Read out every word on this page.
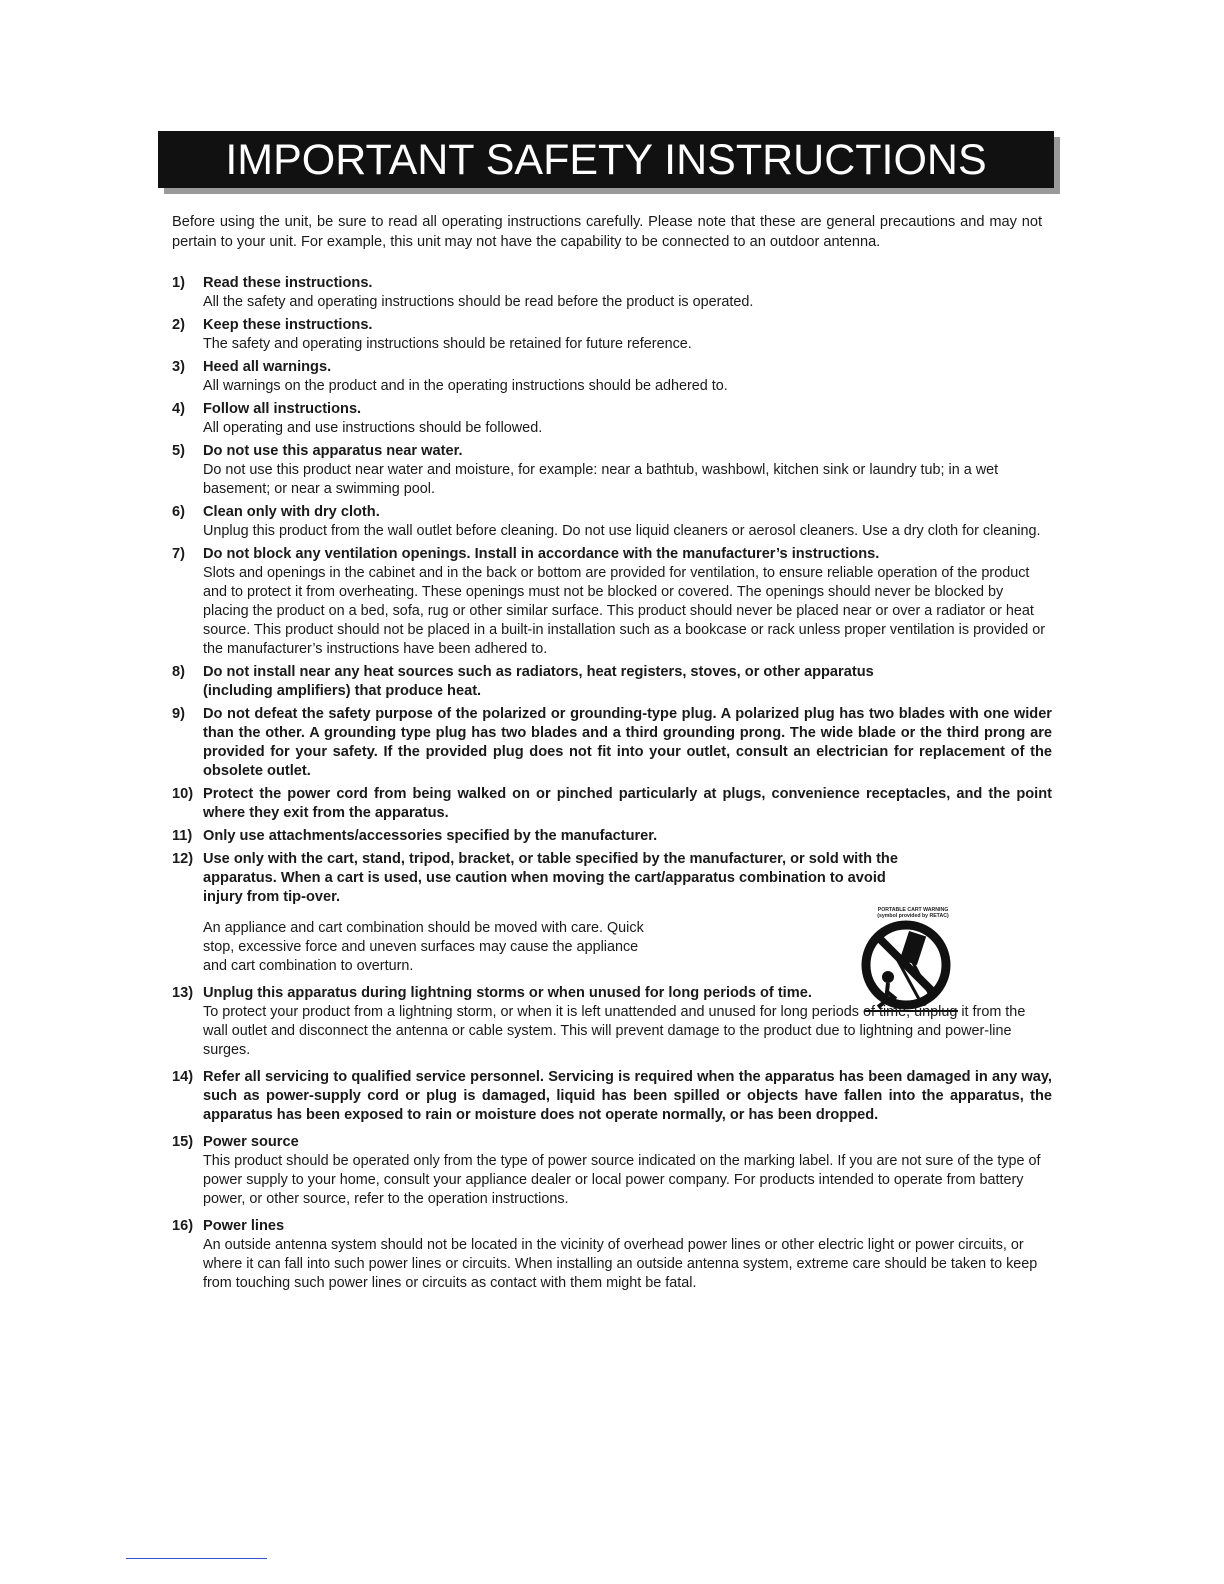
IMPORTANT SAFETY INSTRUCTIONS
Before using the unit, be sure to read all operating instructions carefully. Please note that these are general precautions and may not pertain to your unit. For example, this unit may not have the capability to be connected to an outdoor antenna.
1) Read these instructions.
All the safety and operating instructions should be read before the product is operated.
2) Keep these instructions.
The safety and operating instructions should be retained for future reference.
3) Heed all warnings.
All warnings on the product and in the operating instructions should be adhered to.
4) Follow all instructions.
All operating and use instructions should be followed.
5) Do not use this apparatus near water.
Do not use this product near water and moisture, for example: near a bathtub, washbowl, kitchen sink or laundry tub; in a wet basement; or near a swimming pool.
6) Clean only with dry cloth.
Unplug this product from the wall outlet before cleaning. Do not use liquid cleaners or aerosol cleaners. Use a dry cloth for cleaning.
7) Do not block any ventilation openings. Install in accordance with the manufacturer’s instructions.
Slots and openings in the cabinet and in the back or bottom are provided for ventilation, to ensure reliable operation of the product and to protect it from overheating. These openings must not be blocked or covered. The openings should never be blocked by placing the product on a bed, sofa, rug or other similar surface. This product should never be placed near or over a radiator or heat source. This product should not be placed in a built-in installation such as a bookcase or rack unless proper ventilation is provided or the manufacturer’s instructions have been adhered to.
8) Do not install near any heat sources such as radiators, heat registers, stoves, or other apparatus (including amplifiers) that produce heat.
9) Do not defeat the safety purpose of the polarized or grounding-type plug. A polarized plug has two blades with one wider than the other. A grounding type plug has two blades and a third grounding prong. The wide blade or the third prong are provided for your safety. If the provided plug does not fit into your outlet, consult an electrician for replacement of the obsolete outlet.
10) Protect the power cord from being walked on or pinched particularly at plugs, convenience receptacles, and the point where they exit from the apparatus.
11) Only use attachments/accessories specified by the manufacturer.
12) Use only with the cart, stand, tripod, bracket, or table specified by the manufacturer, or sold with the apparatus. When a cart is used, use caution when moving the cart/apparatus combination to avoid injury from tip-over.
An appliance and cart combination should be moved with care. Quick stop, excessive force and uneven surfaces may cause the appliance and cart combination to overturn.
PORTABLE CART WARNING
(symbol provided by RETAC)
13) Unplug this apparatus during lightning storms or when unused for long periods of time.
To protect your product from a lightning storm, or when it is left unattended and unused for long periods of time, unplug it from the wall outlet and disconnect the antenna or cable system. This will prevent damage to the product due to lightning and power-line surges.
14) Refer all servicing to qualified service personnel. Servicing is required when the apparatus has been damaged in any way, such as power-supply cord or plug is damaged, liquid has been spilled or objects have fallen into the apparatus, the apparatus has been exposed to rain or moisture does not operate normally, or has been dropped.
15) Power source
This product should be operated only from the type of power source indicated on the marking label. If you are not sure of the type of power supply to your home, consult your appliance dealer or local power company. For products intended to operate from battery power, or other source, refer to the operation instructions.
16) Power lines
An outside antenna system should not be located in the vicinity of overhead power lines or other electric light or power circuits, or where it can fall into such power lines or circuits. When installing an outside antenna system, extreme care should be taken to keep from touching such power lines or circuits as contact with them might be fatal.
